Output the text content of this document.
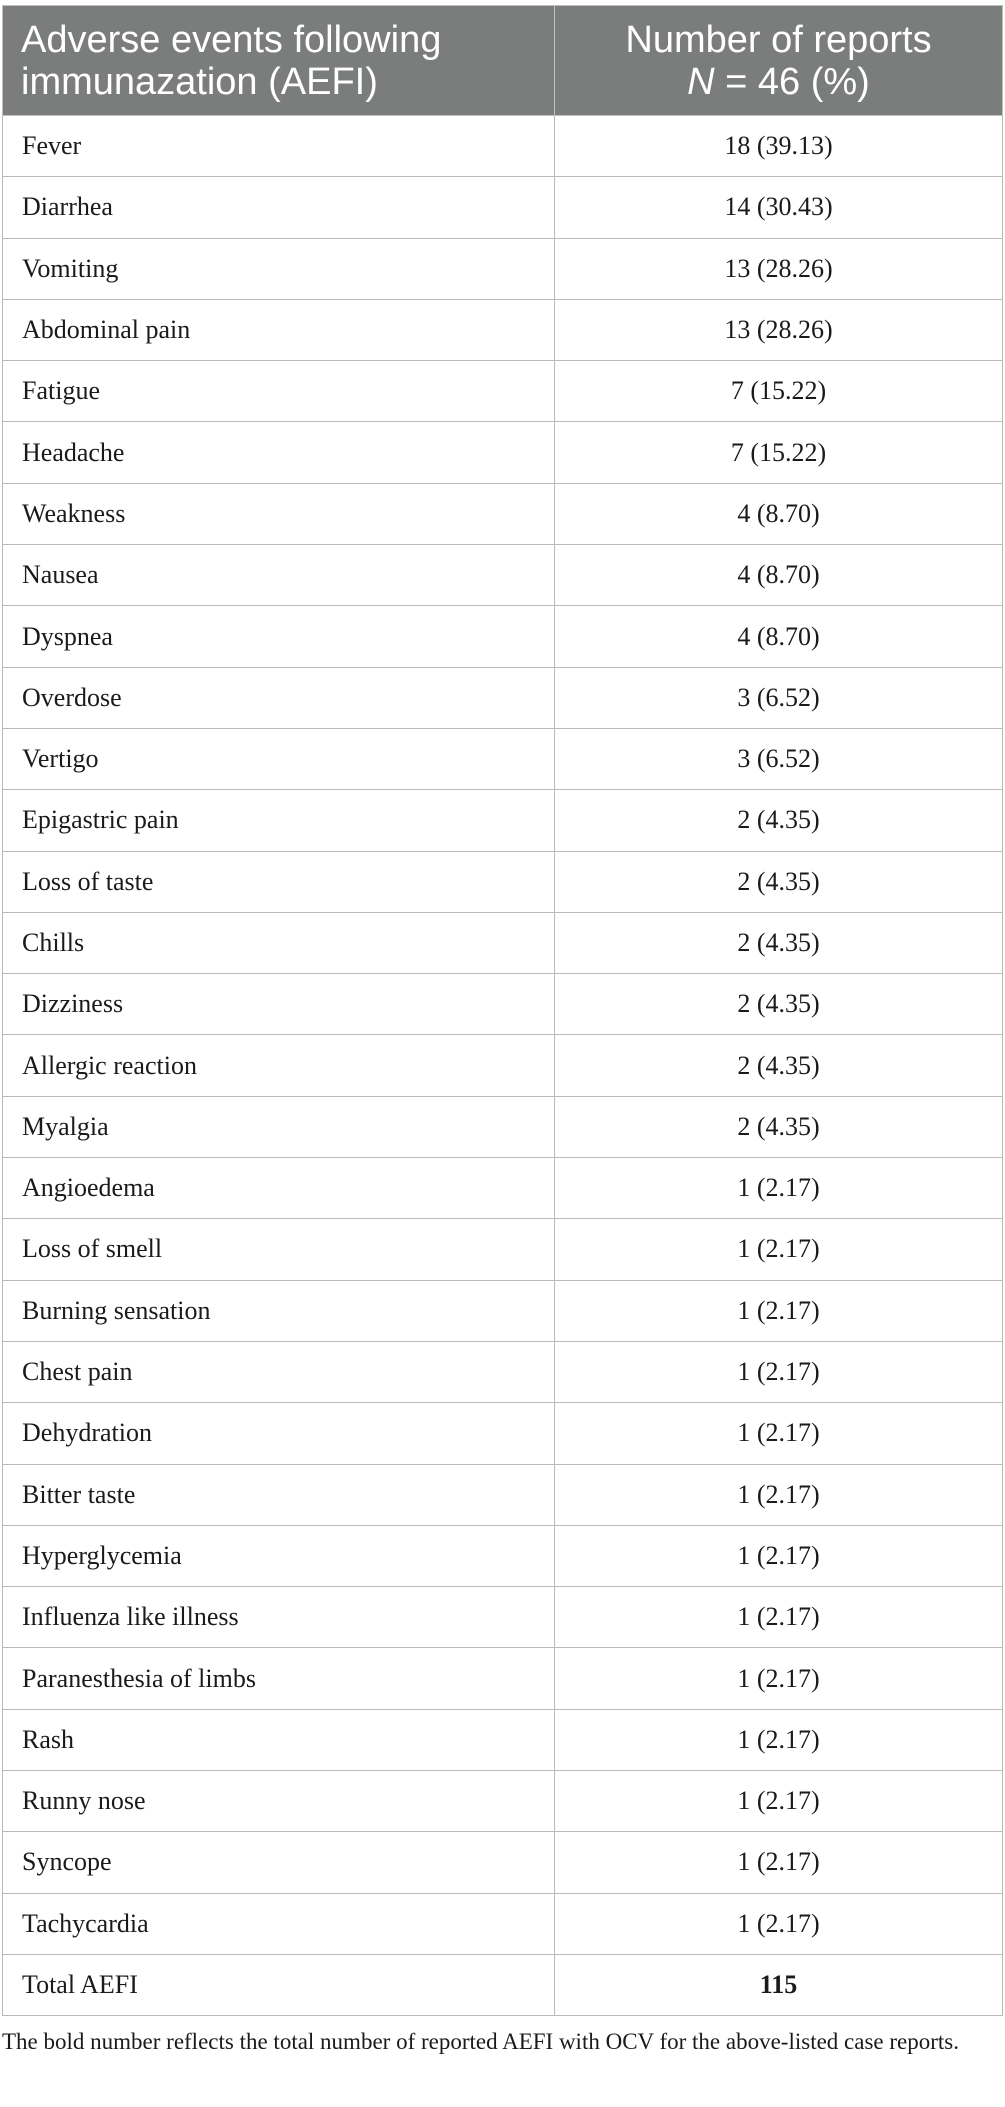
Adverse events following
immunazation (AEFI)	Number of reports
N = 46 (%)

Fever	18 (39.13)
Diarrhea	14 (30.43)
Vomiting	13 (28.26)
Abdominal pain	13 (28.26)
Fatigue	7 (15.22)
Headache	7 (15.22)
Weakness	4 (8.70)
Nausea	4 (8.70)
Dyspnea	4 (8.70)
Overdose	3 (6.52)
Vertigo	3 (6.52)
Epigastric pain	2 (4.35)
Loss of taste	2 (4.35)
Chills	2 (4.35)
Dizziness	2 (4.35)
Allergic reaction	2 (4.35)
Myalgia	2 (4.35)
Angioedema	1 (2.17)
Loss of smell	1 (2.17)
Burning sensation	1 (2.17)
Chest pain	1 (2.17)
Dehydration	1 (2.17)
Bitter taste	1 (2.17)
Hyperglycemia	1 (2.17)
Influenza like illness	1 (2.17)
Paranesthesia of limbs	1 (2.17)
Rash	1 (2.17)
Runny nose	1 (2.17)
Syncope	1 (2.17)
Tachycardia	1 (2.17)
Total AEFI	115

The bold number reflects the total number of reported AEFI with OCV for the above-listed case reports.
